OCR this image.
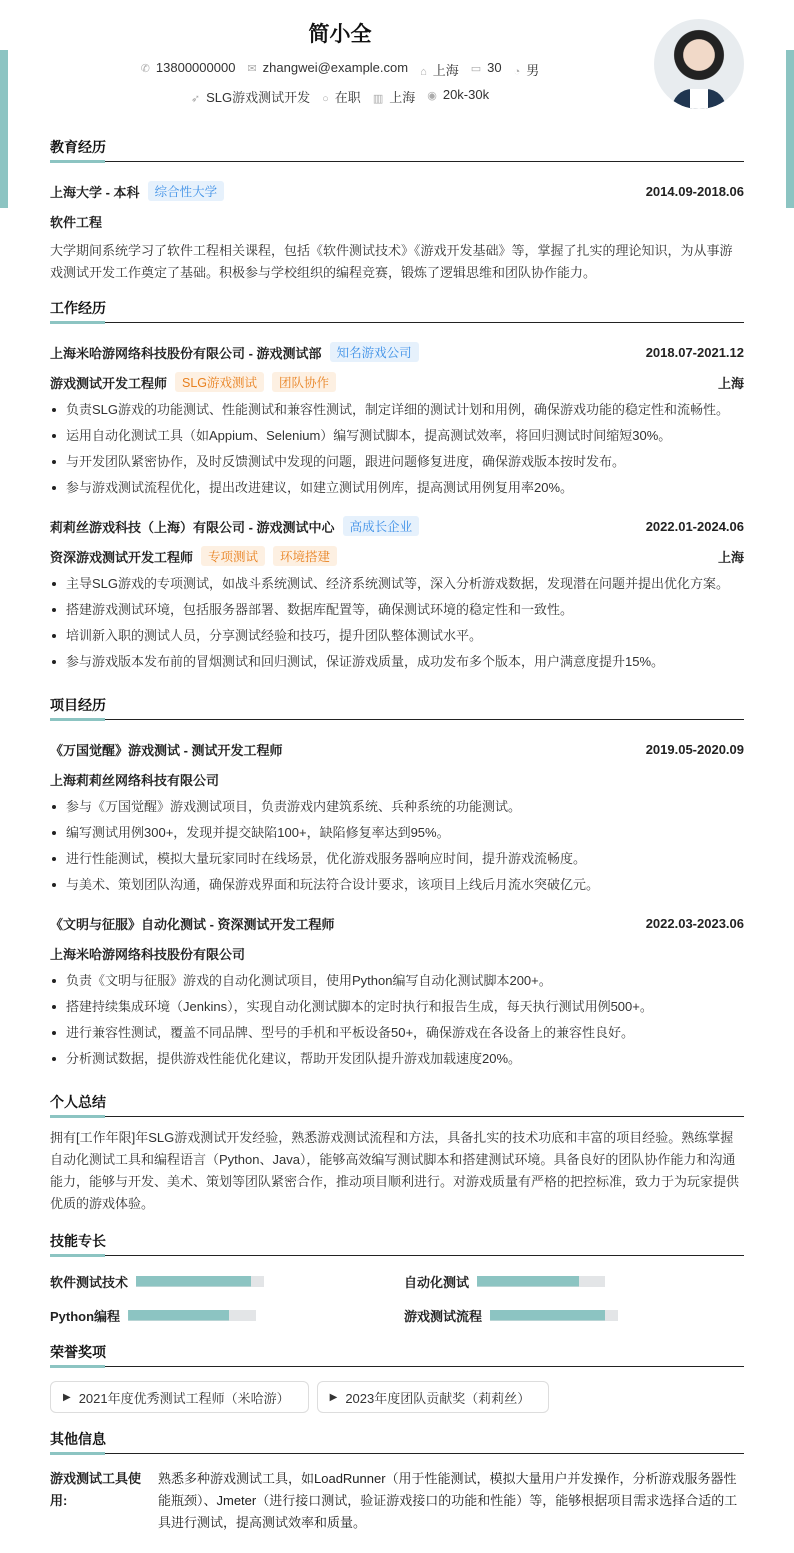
简小全
✆ 13800000000 ✉ zhangwei@example.com ⌂ 上海 ▭ 30 ◔ 男
➶ SLG游戏测试开发 ○ 在职 ▥ 上海 ◉ 20k-30k
教育经历
上海大学 - 本科	综合性大学	2014.09-2018.06
软件工程
大学期间系统学习了软件工程相关课程，包括《软件测试技术》《游戏开发基础》等，掌握了扎实的理论知识，为从事游戏测试开发工作奠定了基础。积极参与学校组织的编程竞赛，锻炼了逻辑思维和团队协作能力。
工作经历
上海米哈游网络科技股份有限公司 - 游戏测试部	知名游戏公司	2018.07-2021.12
游戏测试开发工程师	SLG游戏测试	团队协作	上海
负责SLG游戏的功能测试、性能测试和兼容性测试，制定详细的测试计划和用例，确保游戏功能的稳定性和流畅性。
运用自动化测试工具（如Appium、Selenium）编写测试脚本，提高测试效率，将回归测试时间缩短30%。
与开发团队紧密协作，及时反馈测试中发现的问题，跟进问题修复进度，确保游戏版本按时发布。
参与游戏测试流程优化，提出改进建议，如建立测试用例库，提高测试用例复用率20%。
莉莉丝游戏科技（上海）有限公司 - 游戏测试中心	高成长企业	2022.01-2024.06
资深游戏测试开发工程师	专项测试	环境搭建	上海
主导SLG游戏的专项测试，如战斗系统测试、经济系统测试等，深入分析游戏数据，发现潜在问题并提出优化方案。
搭建游戏测试环境，包括服务器部署、数据库配置等，确保测试环境的稳定性和一致性。
培训新入职的测试人员，分享测试经验和技巧，提升团队整体测试水平。
参与游戏版本发布前的冒烟测试和回归测试，保证游戏质量，成功发布多个版本，用户满意度提升15%。
项目经历
《万国觉醒》游戏测试 - 测试开发工程师	2019.05-2020.09
上海莉莉丝网络科技有限公司
参与《万国觉醒》游戏测试项目，负责游戏内建筑系统、兵种系统的功能测试。
编写测试用例300+，发现并提交缺陷100+，缺陷修复率达到95%。
进行性能测试，模拟大量玩家同时在线场景，优化游戏服务器响应时间，提升游戏流畅度。
与美术、策划团队沟通，确保游戏界面和玩法符合设计要求，该项目上线后月流水突破亿元。
《文明与征服》自动化测试 - 资深测试开发工程师	2022.03-2023.06
上海米哈游网络科技股份有限公司
负责《文明与征服》游戏的自动化测试项目，使用Python编写自动化测试脚本200+。
搭建持续集成环境（Jenkins），实现自动化测试脚本的定时执行和报告生成，每天执行测试用例500+。
进行兼容性测试，覆盖不同品牌、型号的手机和平板设备50+，确保游戏在各设备上的兼容性良好。
分析测试数据，提供游戏性能优化建议，帮助开发团队提升游戏加载速度20%。
个人总结
拥有[工作年限]年SLG游戏测试开发经验，熟悉游戏测试流程和方法，具备扎实的技术功底和丰富的项目经验。熟练掌握自动化测试工具和编程语言（Python、Java），能够高效编写测试脚本和搭建测试环境。具备良好的团队协作能力和沟通能力，能够与开发、美术、策划等团队紧密合作，推动项目顺利进行。对游戏质量有严格的把控标准，致力于为玩家提供优质的游戏体验。
技能专长
软件测试技术	自动化测试
Python编程	游戏测试流程
荣誉奖项
▶ 2021年度优秀测试工程师（米哈游）	▶ 2023年度团队贡献奖（莉莉丝）
其他信息
游戏测试工具使用:
熟悉多种游戏测试工具，如LoadRunner（用于性能测试，模拟大量用户并发操作，分析游戏服务器性能瓶颈）、Jmeter（进行接口测试，验证游戏接口的功能和性能）等，能够根据项目需求选择合适的工具进行测试，提高测试效率和质量。
